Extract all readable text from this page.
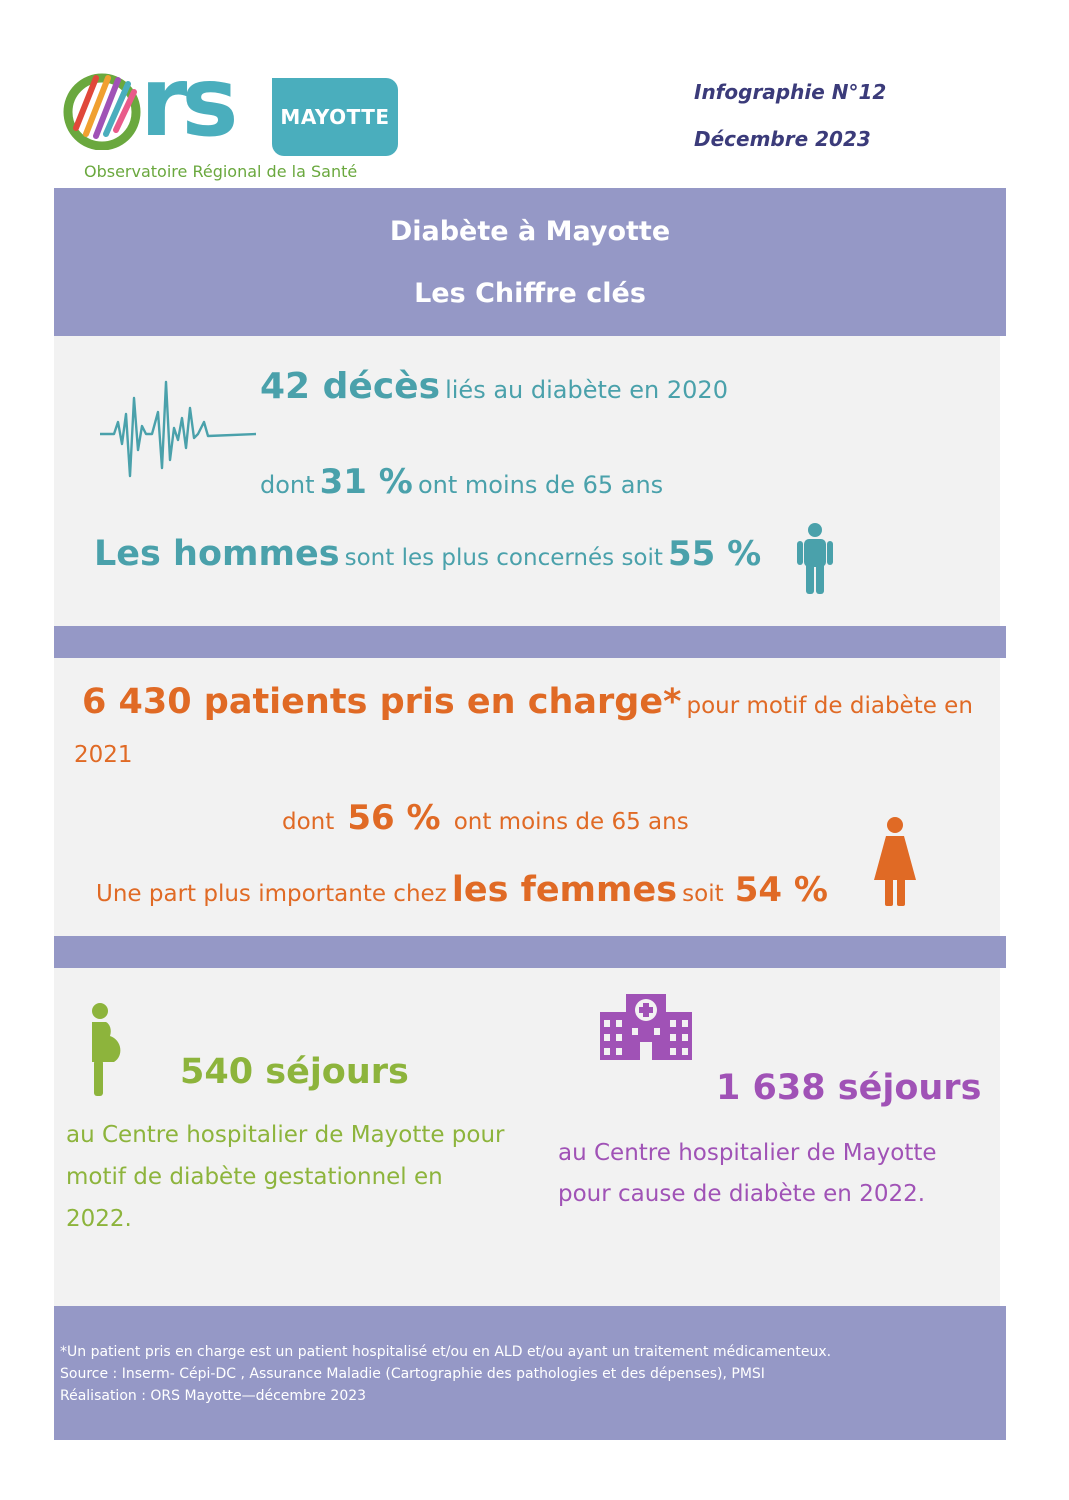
rs	MAYOTTE
Observatoire Régional de la Santé
Infographie N°12
Décembre 2023
Diabète à Mayotte
Les Chiffre clés
42 décès liés au diabète en 2020
dont 31 % ont moins de 65 ans
Les hommes sont les plus concernés soit 55 %
6 430 patients pris en charge* pour motif de diabète en
2021
dont 56 % ont moins de 65 ans
Une part plus importante chez les femmes soit 54 %
540 séjours
au Centre hospitalier de Mayotte pour
motif de diabète gestationnel en
2022.
1 638 séjours
au Centre hospitalier de Mayotte
pour cause de diabète en 2022.
*Un patient pris en charge est un patient hospitalisé et/ou en ALD et/ou ayant un traitement médicamenteux.
Source : Inserm- Cépi-DC , Assurance Maladie (Cartographie des pathologies et des dépenses), PMSI
Réalisation : ORS Mayotte—décembre 2023
